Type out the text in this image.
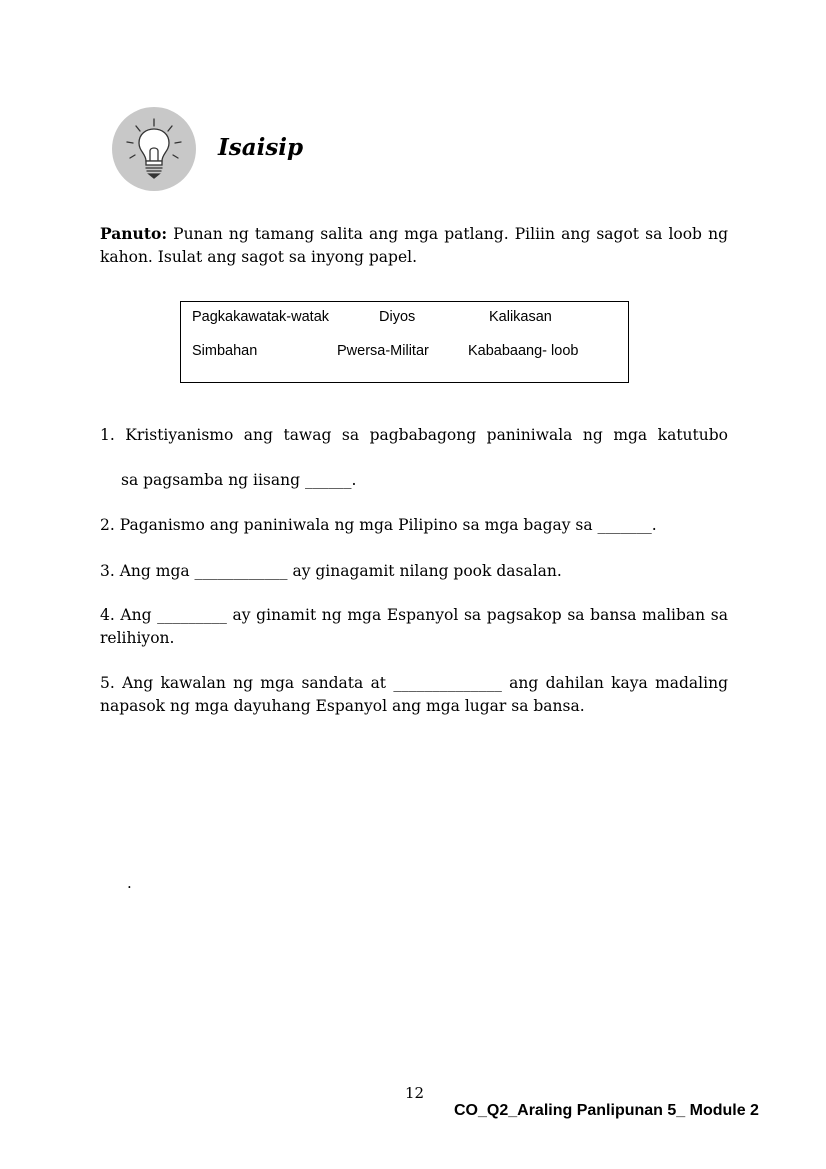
Isaisip
Panuto: Punan ng tamang salita ang mga patlang. Piliin ang sagot sa loob ng kahon. Isulat ang sagot sa inyong papel.
Pagkakawatak-watak	Diyos	Kalikasan
Simbahan	Pwersa-Militar	Kababaang- loob
1. Kristiyanismo ang tawag sa pagbabagong paniniwala ng mga katutubo
sa pagsamba ng iisang ______.
2. Paganismo ang paniniwala ng mga Pilipino sa mga bagay sa _______.
3. Ang mga ____________ ay ginagamit nilang pook dasalan.
4. Ang _________ ay ginamit ng mga Espanyol sa pagsakop sa bansa maliban sa relihiyon.
5. Ang kawalan ng mga sandata at ______________ ang dahilan kaya madaling napasok ng mga dayuhang Espanyol ang mga lugar sa bansa.
.
12
CO_Q2_Araling Panlipunan 5_ Module 2
